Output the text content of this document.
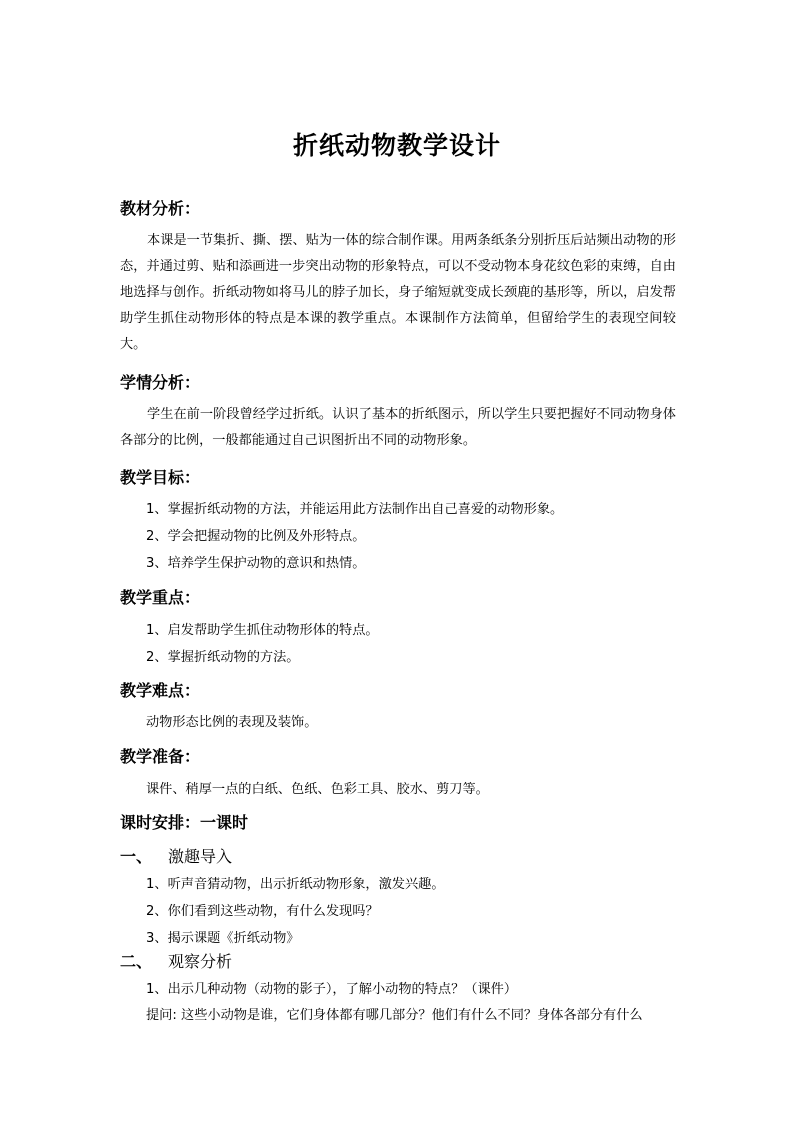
折纸动物教学设计
教材分析：
本课是一节集折、撕、摆、贴为一体的综合制作课。用两条纸条分别折压后站频出动物的形态，并通过剪、贴和添画进一步突出动物的形象特点，可以不受动物本身花纹色彩的束缚，自由地选择与创作。折纸动物如将马儿的脖子加长，身子缩短就变成长颈鹿的基形等，所以，启发帮助学生抓住动物形体的特点是本课的教学重点。本课制作方法简单，但留给学生的表现空间较大。
学情分析：
学生在前一阶段曾经学过折纸。认识了基本的折纸图示，所以学生只要把握好不同动物身体各部分的比例，一般都能通过自己识图折出不同的动物形象。
教学目标：
1、掌握折纸动物的方法，并能运用此方法制作出自己喜爱的动物形象。
2、学会把握动物的比例及外形特点。
3、培养学生保护动物的意识和热情。
教学重点：
1、启发帮助学生抓住动物形体的特点。
2、掌握折纸动物的方法。
教学难点：
动物形态比例的表现及装饰。
教学准备：
课件、稍厚一点的白纸、色纸、色彩工具、胶水、剪刀等。
课时安排：一课时
一、 激趣导入
1、听声音猜动物，出示折纸动物形象，激发兴趣。
2、你们看到这些动物，有什么发现吗？
3、揭示课题《折纸动物》
二、 观察分析
1、出示几种动物（动物的影子），了解小动物的特点？（课件）
提问: 这些小动物是谁，它们身体都有哪几部分？他们有什么不同？身体各部分有什么
